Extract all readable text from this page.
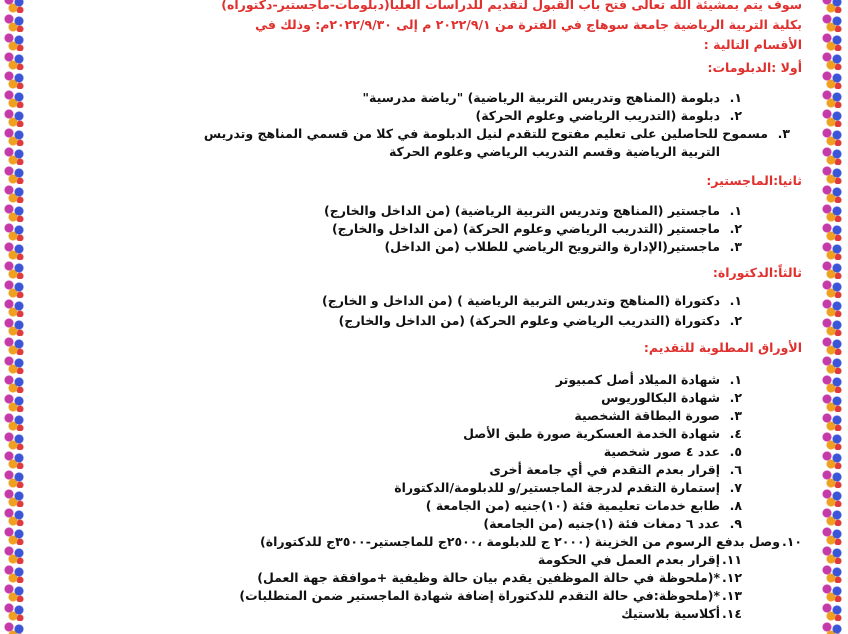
سوف يتم بمشيئة الله تعالى فتح باب القبول لتقديم للدراسات العليا(دبلومات-ماجستير-دكتوراه)
بكلية التربية الرياضية جامعة سوهاج في الفترة من ٢٠٢٢/٩/١ م إلى ٢٠٢٢/٩/٣٠م: وذلك في
الأقسام التالية :
أولا :الدبلومات:
١.دبلومة (المناهج وتدريس التربية الرياضية) "رياضة مدرسية"
٢.دبلومة (التدريب الرياضي وعلوم الحركة)
٣.مسموح للحاصلين على تعليم مفتوح للتقدم لنيل الدبلومة في كلا من قسمي المناهج وتدريس
التربية الرياضية وقسم التدريب الرياضي وعلوم الحركة
ثانيا:الماجستير:
١.ماجستير (المناهج وتدريس التربية الرياضية) (من الداخل والخارج)
٢.ماجستير (التدريب الرياضي وعلوم الحركة) (من الداخل والخارج)
٣.ماجستير(الإدارة والترويح الرياضي للطلاب (من الداخل)
ثالثاً:الدكتوراة:
١.دكتوراة (المناهج وتدريس التربية الرياضية ) (من الداخل و الخارج)
٢.دكتوراة (التدريب الرياضي وعلوم الحركة) (من الداخل والخارج)
الأوراق المطلوبة للتقديم:
١.شهادة الميلاد أصل كمبيوتر
٢.شهادة البكالوريوس
٣.صورة البطاقة الشخصية
٤.شهادة الخدمة العسكرية صورة طبق الأصل
٥.عدد ٤ صور شخصية
٦.إقرار بعدم التقدم في أي جامعة أخرى
٧.إستمارة التقدم لدرجة الماجستير/و للدبلومة/الدكتوراة
٨.طابع خدمات تعليمية فئة (١٠)جنيه (من الجامعة )
٩.عدد ٦ دمغات فئة (١)جنيه (من الجامعة)
١٠.وصل بدفع الرسوم من الخزينة (٢٠٠٠ ج للدبلومة ،٢٥٠٠ج للماجستير-٣٥٠٠ج للدكتوراة)
١١.إقرار بعدم العمل في الحكومة
١٢.*(ملحوظة في حالة الموظفين يقدم بيان حالة وظيفية +موافقة جهة العمل)
١٣.*(ملحوظة:في حالة التقدم للدكتوراة إضافة شهادة الماجستير ضمن المتطلبات)
١٤.أكلاسية بلاستيك
